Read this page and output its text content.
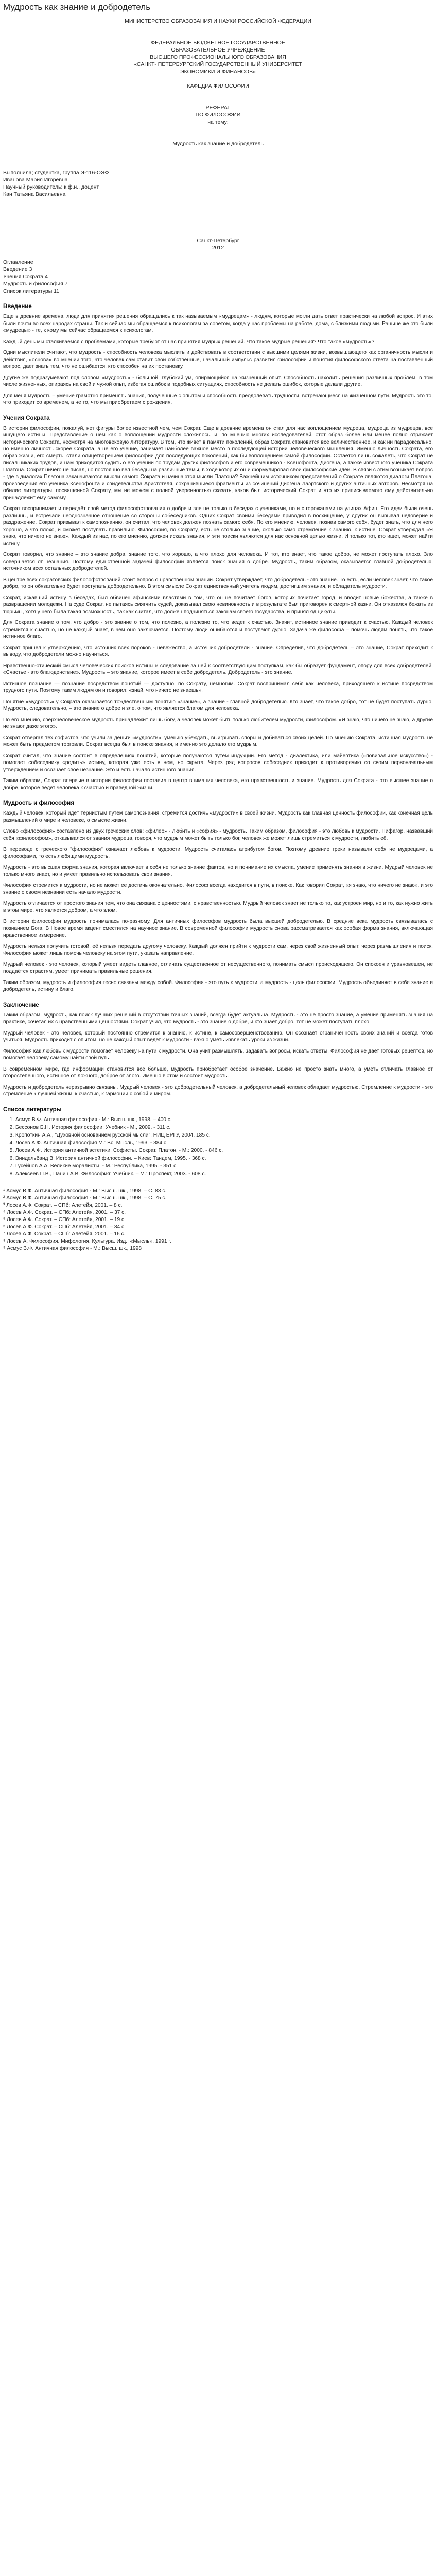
Мудрость как знание и добродетель

МИНИСТЕРСТВО ОБРАЗОВАНИЯ И НАУКИ РОССИЙСКОЙ ФЕДЕРАЦИИ

ФЕДЕРАЛЬНОЕ БЮДЖЕТНОЕ ГОСУДАРСТВЕННОЕ

ОБРАЗОВАТЕЛЬНОЕ УЧРЕЖДЕНИЕ

ВЫСШЕГО ПРОФЕССИОНАЛЬНОГО ОБРАЗОВАНИЯ

«САНКТ- ПЕТЕРБУРГСКИЙ ГОСУДАРСТВЕННЫЙ УНИВЕРСИТЕТ

ЭКОНОМИКИ И ФИНАНСОВ»

КАФЕДРА ФИЛОСОФИИ

РЕФЕРАТ

ПО ФИЛОСОФИИ

на тему:

Мудрость как знание и добродетель

Выполнила; студентка, группа Э-116-ОЭФ

Иванова Мария Игоревна

Научный руководитель: к.ф.н., доцент

Кан Татьяна Васильевна

Санкт-Петербург

2012

Оглавление

Введение 3

Учения Сократа 4

Мудрость и философия 7

Список литературы 11

Введение

Еще в древние времена, люди для принятия решения обращались к так называемым «мудрецам» - людям, которые могли дать ответ практически на любой вопрос. И этих были почти во всех народах страны. Так и сейчас мы обращаемся к психологам за советом, когда у нас проблемы на работе, дома, с близкими людьми. Раньше же это были «мудрецы» - те, к кому мы сейчас обращаемся к психологам.

Каждый день мы сталкиваемся с проблемами, которые требуют от нас принятия мудрых решений. Что такое мудрые решения? Что такое «мудрость»?

Одни мыслители считают, что мудрость - способность человека мыслить и действовать в соответствии с высшими целями жизни, возвышающего как органичность мысли и действия, «основа» во мнении того, что человек сам ставит свои собственные, начальный импульс развития философии и понятия философского ответа на поставленный вопрос, дает знать тем, что не ошибается, кто способен на их постановку.

Другие же подразумевают под словом «мудрость» - большой, глубокий ум, опирающийся на жизненный опыт. Способность находить решения различных проблем, в том числе жизненных, опираясь на свой и чужой опыт, избегая ошибок в подобных ситуациях, способность не делать ошибок, которые делали другие.

Для меня мудрость – умение грамотно применять знания, полученные с опытом и способность преодолевать трудности, встречающиеся на жизненном пути. Мудрость это то, что приходит со временем, а не то, что мы приобретаем с рождения.

Учения Сократа

В истории философии, пожалуй, нет фигуры более известной чем, чем Сократ. Еще в древние времена он стал для нас воплощением мудреца, мудреца из мудрецов, все ищущего истины. Представление о нем как о воплощении мудрости сложилось, и, по мнению многих исследователей, этот образ более или менее полно отражает исторического Сократа, несмотря на многовековую литературу. В том, что живет в памяти поколений, образ Сократа становится всё величественнее, и как ни парадоксально, но именно личность скорее Сократа, а не его учение, занимает наиболее важное место в последующей истории человеческого мышления. Именно личность Сократа, его образ жизни, его смерть, стали олицетворением философии для последующих поколений, как бы воплощением самой философии. Остается лишь сожалеть, что Сократ не писал никаких трудов, и нам приходится судить о его учении по трудам других философов и его современников - Ксенофонта, Диогена, а также известного ученика Сократа Платона. Сократ ничего не писал, но постоянно вел беседы на различные темы, в ходе которых он и формулировал свои философские идеи. В связи с этим возникает вопрос - где в диалогах Платона заканчиваются мысли самого Сократа и начинаются мысли Платона? Важнейшим источником представлений о Сократе являются диалоги Платона, произведения его ученика Ксенофонта и свидетельства Аристотеля, сохранившиеся фрагменты из сочинений Диогена Лаэртского и других античных авторов. Несмотря на обилие литературы, посвященной Сократу, мы не можем с полной уверенностью сказать, каков был исторический Сократ и что из приписываемого ему действительно принадлежит ему самому.

Сократ воспринимает и передаёт свой метод философствования о добре и зле не только в беседах с учениками, но и с горожанами на улицах Афин. Его идеи были очень различны, и встречали неоднозначное отношение со стороны собеседников. Одних Сократ своими беседами приводил в восхищение, у других он вызывал недоверие и раздражение. Сократ призывал к самопознанию, он считал, что человек должен познать самого себя. По его мнению, человек, познав самого себя, будет знать, что для него хорошо, а что плохо, и сможет поступать правильно. Философия, по Сократу, есть не столько знание, сколько само стремление к знанию, к истине. Сократ утверждал «Я знаю, что ничего не знаю». Каждый из нас, по его мнению, должен искать знания, и эти поиски являются для нас основной целью жизни. И только тот, кто ищет, может найти истину.

Сократ говорил, что знание – это знание добра, знание того, что хорошо, а что плохо для человека. И тот, кто знает, что такое добро, не может поступать плохо. Зло совершается от незнания. Поэтому единственной задачей философии является поиск знания о добре. Мудрость, таким образом, оказывается главной добродетелью, источником всех остальных добродетелей.

В центре всех сократовских философствований стоит вопрос о нравственном знании. Сократ утверждает, что добродетель - это знание. То есть, если человек знает, что такое добро, то он обязательно будет поступать добродетельно. В этом смысле Сократ единственный учитель людям, достигшим знания, и обладатель мудрости.

Сократ, искавший истину в беседах, был обвинен афинскими властями в том, что он не почитает богов, которых почитает город, и вводит новые божества, а также в развращении молодежи. На суде Сократ, не пытаясь смягчить судей, доказывал свою невиновность и в результате был приговорен к смертной казни. Он отказался бежать из тюрьмы, хотя у него была такая возможность, так как считал, что должен подчиняться законам своего государства, и принял яд цикуты.

Для Сократа знание о том, что добро - это знание о том, что полезно, а полезно то, что ведет к счастью. Значит, истинное знание приводит к счастью. Каждый человек стремится к счастью, но не каждый знает, в чем оно заключается. Поэтому люди ошибаются и поступают дурно. Задача же философа – помочь людям понять, что такое истинное благо.

Сократ пришел к утверждению, что источник всех пороков - невежество, а источник добродетели - знание. Определив, что добродетель – это знание, Сократ приходит к выводу, что добродетели можно научиться.

Нравственно-этический смысл человеческих поисков истины и следование за ней к соответствующим поступкам, как бы образует фундамент, опору для всех добродетелей. «Счастье - это благоденствие». Мудрость – это знание, которое имеет в себе добродетель. Добродетель - это знание.

Истинное познание — познание посредством понятий — доступно, по Сократу, немногим. Сократ воспринимал себя как человека, приходящего к истине посредством трудного пути. Поэтому таким людям он и говорил: «знай, что ничего не знаешь».

Понятие «мудрость» у Сократа оказывается тождественным понятию «знание», а знание - главной добродетелью. Кто знает, что такое добро, тот не будет поступать дурно. Мудрость, следовательно, – это знание о добре и зле, о том, что является благом для человека.

По его мнению, сверхчеловеческое мудрость принадлежит лишь богу, а человек может быть только любителем мудрости, философом. «Я знаю, что ничего не знаю, а другие не знают даже этого».

Сократ отвергал тех софистов, что учили за деньги «мудрости», умению убеждать, выигрывать споры и добиваться своих целей. По мнению Сократа, истинная мудрость не может быть предметом торговли. Сократ всегда был в поиске знания, и именно это делало его мудрым.

Сократ считал, что знание состоит в определениях понятий, которые получаются путем индукции. Его метод - диалектика, или майевтика («повивальное искусство») - помогает собеседнику «родить» истину, которая уже есть в нем, но скрыта. Через ряд вопросов собеседник приходит к противоречию со своим первоначальным утверждением и осознает свое незнание. Это и есть начало истинного знания.

Таким образом, Сократ впервые в истории философии поставил в центр внимания человека, его нравственность и знание. Мудрость для Сократа - это высшее знание о добре, которое ведет человека к счастью и праведной жизни.

Мудрость и философия

Каждый человек, который идёт тернистым путём самопознания, стремится достичь «мудрости» в своей жизни. Мудрость как главная ценность философии, как конечная цель размышлений о мире и человеке, о смысле жизни.

Слово «философия» составлено из двух греческих слов: «филео» - любить и «софия» - мудрость. Таким образом, философия - это любовь к мудрости. Пифагор, назвавший себя «философом», отказывался от звания мудреца, говоря, что мудрым может быть только бог, человек же может лишь стремиться к мудрости, любить её.

В переводе с греческого "философия" означает любовь к мудрости. Мудрость считалась атрибутом богов. Поэтому древние греки называли себя не мудрецами, а философами, то есть любящими мудрость.

Мудрость - это высшая форма знания, которая включает в себя не только знание фактов, но и понимание их смысла, умение применять знания в жизни. Мудрый человек не только много знает, но и умеет правильно использовать свои знания.

Философия стремится к мудрости, но не может её достичь окончательно. Философ всегда находится в пути, в поиске. Как говорил Сократ, «я знаю, что ничего не знаю», и это знание о своем незнании есть начало мудрости.

Мудрость отличается от простого знания тем, что она связана с ценностями, с нравственностью. Мудрый человек знает не только то, как устроен мир, но и то, как нужно жить в этом мире, что является добром, а что злом.

В истории философии мудрость понималась по-разному. Для античных философов мудрость была высшей добродетелью. В средние века мудрость связывалась с познанием Бога. В Новое время акцент сместился на научное знание. В современной философии мудрость снова рассматривается как особая форма знания, включающая нравственное измерение.

Мудрость нельзя получить готовой, её нельзя передать другому человеку. Каждый должен прийти к мудрости сам, через свой жизненный опыт, через размышления и поиск. Философия может лишь помочь человеку на этом пути, указать направление.

Мудрый человек - это человек, который умеет видеть главное, отличать существенное от несущественного, понимать смысл происходящего. Он спокоен и уравновешен, не поддаётся страстям, умеет принимать правильные решения.

Таким образом, мудрость и философия тесно связаны между собой. Философия - это путь к мудрости, а мудрость - цель философии. Мудрость объединяет в себе знание и добродетель, истину и благо.

Заключение

Таким образом, мудрость, как поиск лучших решений в отсутствии точных знаний, всегда будет актуальна. Мудрость - это не просто знание, а умение применять знания на практике, сочетая их с нравственными ценностями. Сократ учил, что мудрость - это знание о добре, и кто знает добро, тот не может поступать плохо.

Мудрый человек - это человек, который постоянно стремится к знанию, к истине, к самосовершенствованию. Он осознает ограниченность своих знаний и всегда готов учиться. Мудрость приходит с опытом, но не каждый опыт ведет к мудрости - важно уметь извлекать уроки из жизни.

Философия как любовь к мудрости помогает человеку на пути к мудрости. Она учит размышлять, задавать вопросы, искать ответы. Философия не дает готовых рецептов, но помогает человеку самому найти свой путь.

В современном мире, где информации становится все больше, мудрость приобретает особое значение. Важно не просто знать много, а уметь отличать главное от второстепенного, истинное от ложного, доброе от злого. Именно в этом и состоит мудрость.

Мудрость и добродетель неразрывно связаны. Мудрый человек - это добродетельный человек, а добродетельный человек обладает мудростью. Стремление к мудрости - это стремление к лучшей жизни, к счастью, к гармонии с собой и миром.

Список литературы
1. Асмус В.Ф. Античная философия - М.: Высш. шк., 1998. – 400 с.
2. Бессонов Б.Н. История философии: Учебник - М., 2009. - 311 с.
3. Кропоткин А.А., "Духовной основанием русской мысли", НИЦ ЕРГУ, 2004. 185 с.
4. Лосев А.Ф. Античная философия М.: Вс. Мысль, 1993. - 384 с.
5. Лосев А.Ф. История античной эстетики. Софисты. Сократ. Платон. - М.: 2000. - 846 с.
6. Виндельбанд В. История античной философии. – Киев: Тандем, 1995. - 368 с.
7. Гусейнов А.А. Великие моралисты. - М.: Республика, 1995. - 351 с.
8. Алексеев П.В., Панин А.В. Философия: Учебник. – М.: Проспект, 2003. - 608 с.

¹ Асмус В.Ф. Античная философия - М.: Высш. шк., 1998. – С. 83 с.

² Асмус В.Ф. Античная философия - М.: Высш. шк., 1998. – С. 75 с.

³ Лосев А.Ф. Сократ. – СПб: Алетейя, 2001. – 8 с.

⁴ Лосев А.Ф. Сократ. – СПб: Алетейя, 2001. – 37 с.

⁵ Лосев А.Ф. Сократ. – СПб: Алетейя, 2001. – 19 с.

⁶ Лосев А.Ф. Сократ. – СПб: Алетейя, 2001. – 34 с.

⁷ Лосев А.Ф. Сократ. – СПб: Алетейя, 2001. – 16 с.

⁸ Лосев А. Философия. Мифология. Культура. Изд.: «Мысль», 1991 г.

⁹ Асмус В.Ф. Античная философия - М.: Высш. шк., 1998
